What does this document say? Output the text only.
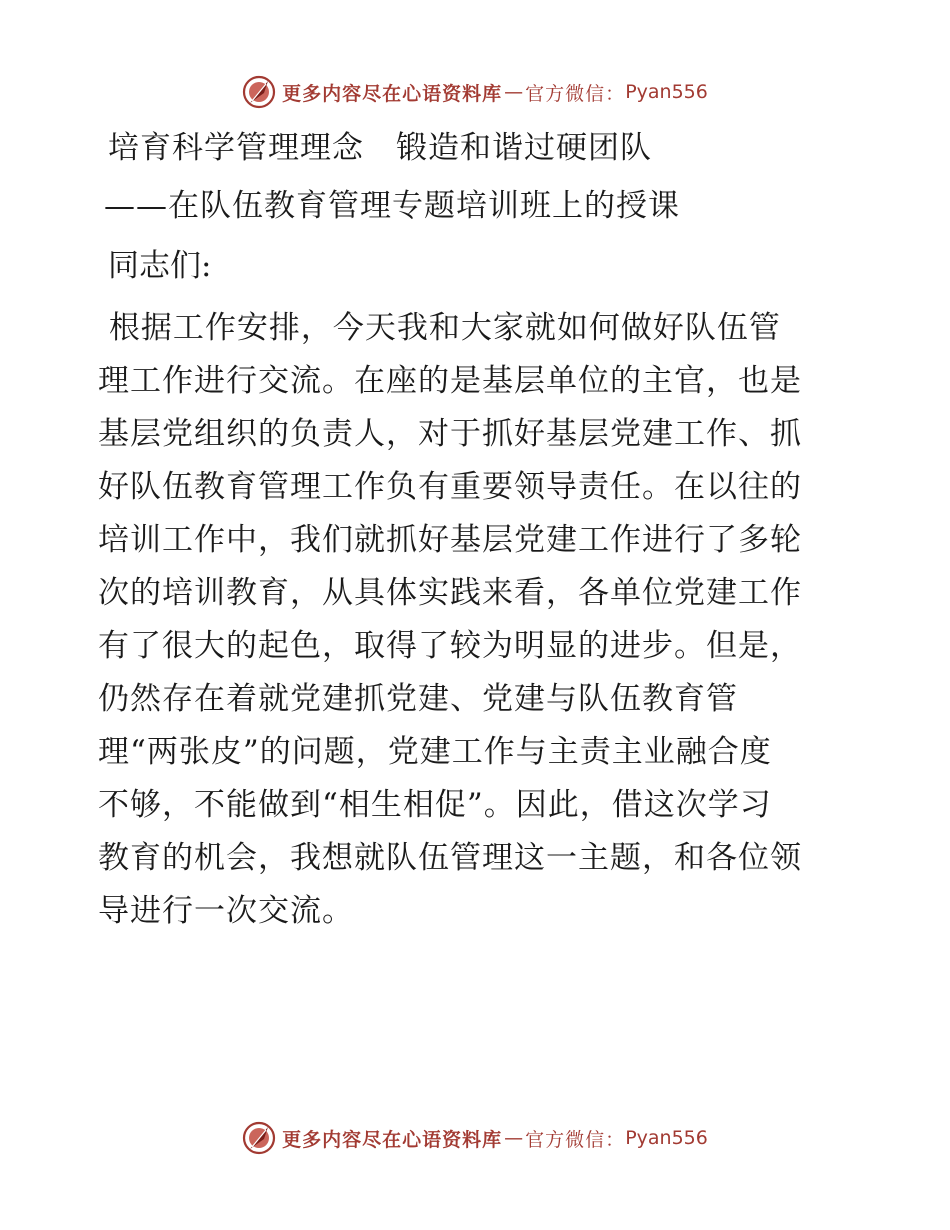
更多内容尽在心语资料库 — 官方微信： Pyan556
培育科学管理理念　锻造和谐过硬团队
——在队伍教育管理专题培训班上的授课
同志们:
根据工作安排，今天我和大家就如何做好队伍管
理工作进行交流。在座的是基层单位的主官，也是
基层党组织的负责人，对于抓好基层党建工作、抓
好队伍教育管理工作负有重要领导责任。在以往的
培训工作中，我们就抓好基层党建工作进行了多轮
次的培训教育，从具体实践来看，各单位党建工作
有了很大的起色，取得了较为明显的进步。但是，
仍然存在着就党建抓党建、党建与队伍教育管
理“两张皮”的问题，党建工作与主责主业融合度
不够，不能做到“相生相促”。因此，借这次学习
教育的机会，我想就队伍管理这一主题，和各位领
导进行一次交流。
更多内容尽在心语资料库 — 官方微信： Pyan556
